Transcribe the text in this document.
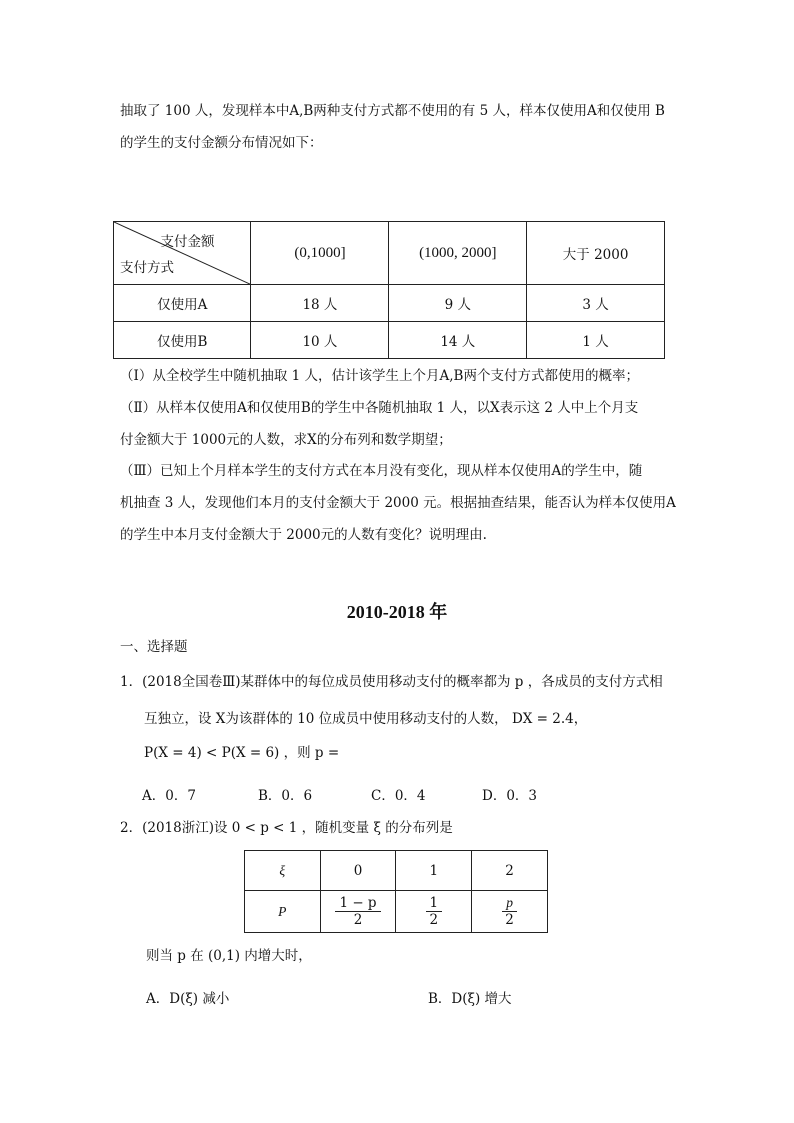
抽取了 100 人，发现样本中A,B两种支付方式都不使用的有 5 人，样本仅使用A和仅使用 B
的学生的支付金额分布情况如下：
支付金额
支付方式	(0,1000]	(1000, 2000]	大于 2000
仅使用A	18 人	9 人	3 人
仅使用B	10 人	14 人	1 人
（Ⅰ）从全校学生中随机抽取 1 人，估计该学生上个月A,B两个支付方式都使用的概率；
（Ⅱ）从样本仅使用A和仅使用B的学生中各随机抽取 1 人，以X表示这 2 人中上个月支
付金额大于 1000元的人数，求X的分布列和数学期望；
（Ⅲ）已知上个月样本学生的支付方式在本月没有变化，现从样本仅使用A的学生中，随
机抽查 3 人，发现他们本月的支付金额大于 2000 元。根据抽查结果，能否认为样本仅使用A
的学生中本月支付金额大于 2000元的人数有变化？说明理由.
2010-2018 年
一、选择题
1．(2018全国卷Ⅲ)某群体中的每位成员使用移动支付的概率都为 p ，各成员的支付方式相
互独立，设 X为该群体的 10 位成员中使用移动支付的人数， DX = 2.4，
P(X = 4) < P(X = 6) ，则 p =
A．0．7	B．0．6	C．0．4	D．0．3
2．(2018浙江)设 0 < p < 1 ，随机变量 ξ 的分布列是
ξ	0	1	2
P	$\frac{1 - p}{2}$	$\frac{1}{2}$	$\frac{p}{2}$
则当 p 在 (0,1) 内增大时，
A．D(ξ) 减小	B．D(ξ) 增大
